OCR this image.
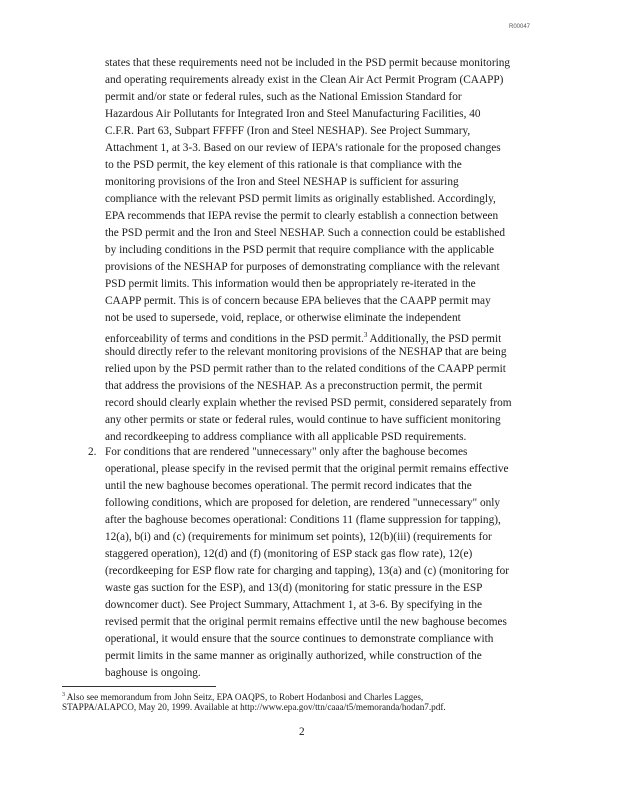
R00047
states that these requirements need not be included in the PSD permit because monitoring
and operating requirements already exist in the Clean Air Act Permit Program (CAAPP)
permit and/or state or federal rules, such as the National Emission Standard for
Hazardous Air Pollutants for Integrated Iron and Steel Manufacturing Facilities, 40
C.F.R. Part 63, Subpart FFFFF (Iron and Steel NESHAP). See Project Summary,
Attachment 1, at 3-3. Based on our review of IEPA's rationale for the proposed changes
to the PSD permit, the key element of this rationale is that compliance with the
monitoring provisions of the Iron and Steel NESHAP is sufficient for assuring
compliance with the relevant PSD permit limits as originally established. Accordingly,
EPA recommends that IEPA revise the permit to clearly establish a connection between
the PSD permit and the Iron and Steel NESHAP. Such a connection could be established
by including conditions in the PSD permit that require compliance with the applicable
provisions of the NESHAP for purposes of demonstrating compliance with the relevant
PSD permit limits. This information would then be appropriately re-iterated in the
CAAPP permit. This is of concern because EPA believes that the CAAPP permit may
not be used to supersede, void, replace, or otherwise eliminate the independent
enforceability of terms and conditions in the PSD permit.$^3$ Additionally, the PSD permit
should directly refer to the relevant monitoring provisions of the NESHAP that are being
relied upon by the PSD permit rather than to the related conditions of the CAAPP permit
that address the provisions of the NESHAP. As a preconstruction permit, the permit
record should clearly explain whether the revised PSD permit, considered separately from
any other permits or state or federal rules, would continue to have sufficient monitoring
and recordkeeping to address compliance with all applicable PSD requirements.
2. For conditions that are rendered "unnecessary" only after the baghouse becomes
operational, please specify in the revised permit that the original permit remains effective
until the new baghouse becomes operational. The permit record indicates that the
following conditions, which are proposed for deletion, are rendered "unnecessary" only
after the baghouse becomes operational: Conditions 11 (flame suppression for tapping),
12(a), b(i) and (c) (requirements for minimum set points), 12(b)(iii) (requirements for
staggered operation), 12(d) and (f) (monitoring of ESP stack gas flow rate), 12(e)
(recordkeeping for ESP flow rate for charging and tapping), 13(a) and (c) (monitoring for
waste gas suction for the ESP), and 13(d) (monitoring for static pressure in the ESP
downcomer duct). See Project Summary, Attachment 1, at 3-6. By specifying in the
revised permit that the original permit remains effective until the new baghouse becomes
operational, it would ensure that the source continues to demonstrate compliance with
permit limits in the same manner as originally authorized, while construction of the
baghouse is ongoing.
$^3$ Also see memorandum from John Seitz, EPA OAQPS, to Robert Hodanbosi and Charles Lagges,
STAPPA/ALAPCO, May 20, 1999. Available at http://www.epa.gov/ttn/caaa/t5/memoranda/hodan7.pdf.
2
